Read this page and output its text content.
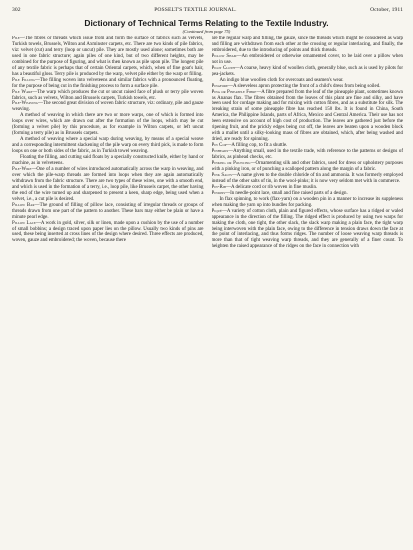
302	POSSELT'S TEXTILE JOURNAL.	October, 1911
Dictionary of Technical Terms Relating to the Textile Industry.
(Continued from page 75)

Pile—The fibres or threads which issue from and form the surface of fabrics such as velvets, Turkish towels, Brussels, Wilton and Axminster carpets, etc. There are two kinds of pile fabrics, viz: velvet (cut) and terry (loop or uncut) pile. They are mostly used alone; sometimes both are used in one fabric structure; again piles of one kind, but of two different heights, may be combined for the purpose of figuring, and what is then known as pile upon pile. The longest pile of any textile fabric is perhaps that of certain Oriental carpets, which, when of fine goat's hair, has a beautiful gloss. Terry pile is produced by the warp, velvet pile either by the warp or filling.

Pile Filling—The filling woven into velveteens and similar fabrics with a pronounced floating, for the purpose of being cut in the finishing process to form a surface pile.

Pile Warp—The warp which produces the cut or uncut raised face of plush or terry pile woven fabrics, such as velvets, Wilton and Brussels carpets, Turkish towels, etc.

Pile-Weaving—The second great division of woven fabric structure, viz: ordinary, pile and gauze weaving.

A method of weaving in which there are two or more warps, one of which is formed into loops over wires, which are drawn out after the formation of the loops, which may be cut (forming a velvet pile) by this procedure, as for example in Wilton carpets, or left uncut (forming a terry pile) as in Brussels carpets.

A method of weaving where a special warp during weaving, by means of a special weave and a corresponding intermittent slackening of the pile warp on every third pick, is made to form loops on one or both sides of the fabric, as in Turkish towel weaving.

Floating the filling, and cutting said floats by a specially constructed knife, either by hand or machine, as in velveteens.

Pile-Wire—One of a number of wires introduced automatically across the warp in weaving, and over which the pile-warp threads are formed into loops when they are again automatically withdrawn from the fabric structure. There are two types of these wires, one with a smooth end, and which is used in the formation of a terry, i.e., loop pile, like Brussels carpet, the other having the end of the wire turned up and sharpened to present a keen, sharp edge, being used when a velvet, i.e., a cut pile is desired.

Pillow Bar—The ground of filling of pillow lace, consisting of irregular threads or groups of threads drawn from one part of the pattern to another. These bars may either be plain or have a minute pearl edge.

Pillow Lace—A work in gold, silver, silk or linen, made upon a cushion by the use of a number of small bobbins; a design traced upon paper lies on the pillow. Usually two kinds of pins are used, these being inserted at cross lines of the design where desired. Three effects are produced, woven, gauze and embroidered; the woven, because there

are the regular warp and filling, the gauze, since the threads which might be considered as warp and filling are withdrawn from each other at the crossing or regular interlacing, and finally, the embroidered, due to the introducing of points and thick threads.

Pillow Sham—An embroidered or otherwise ornamented cover, to be laid over a pillow when not in use.

Pilot Cloth—A coarse, heavy kind of woollen cloth, generally blue, such as is used by pilots for pea-jackets.

An indigo blue woollen cloth for overcoats and seamen's wear.

Pinafore—A sleeveless apron protecting the front of a child's dress from being soiled.

Pina or Pineapple Fibre—A fibre prepared from the leaf of the pineapple plant, sometimes known as Ananas flax. The fibres obtained from the leaves of this plant are fine and silky, and have been used for cordage making and for mixing with cotton fibres, and as a substitute for silk. The breaking strain of some pineapple fibre has reached 150 lbs. It is found in China, South America, the Philippine Islands, parts of Africa, Mexico and Central America. Their use has not been extensive on account of high cost of production. The leaves are gathered just before the ripening fruit, and the prickly edges being cut off, the leaves are beaten upon a wooden block with a mallet until a silky-looking mass of fibres are obtained, which, after being washed and dried, are ready for spinning.

Pin Cop—A filling cop, to fit a shuttle.

Pinheads—Anything small, used in the textile trade, with reference to the patterns or designs of fabrics, as pinhead checks, etc.

Pinking or Pouncing—Ornamenting silk and other fabrics, used for dress or upholstery purposes with a pinking iron, or of punching a scalloped pattern along the margin of a fabric.

Pink Salts—A name given to the double chloride of tin and ammonia. It was formerly employed instead of the other salts of tin, in the wool-pinks; it is now very seldom met with in commerce.

Pin-Rib—A delicate cord or rib woven in fine muslin.

Pinions—In needle-point lace, small and fine raised parts of a design.

In flax spinning, to work (flax-yarn) on a wooden pin in a manner to increase its suppleness when making the yarn up into bundles for packing.

Piqué—A variety of cotton cloth, plain and figured effects, whose surface has a ridged or waled appearance in the direction of the filling. The ridged effect is produced by using two warps for making the cloth, one tight, the other slack, the slack warp making a plain face, the tight warp being interwoven with the plain face, owing to the difference in tension draws down the face at the point of interlacing, and thus forms ridges. The number of loose weaving warp threads is more than that of tight weaving warp threads, and they are generally of a finer count. To heighten the raised appearance of the ridges on the face in connection with
